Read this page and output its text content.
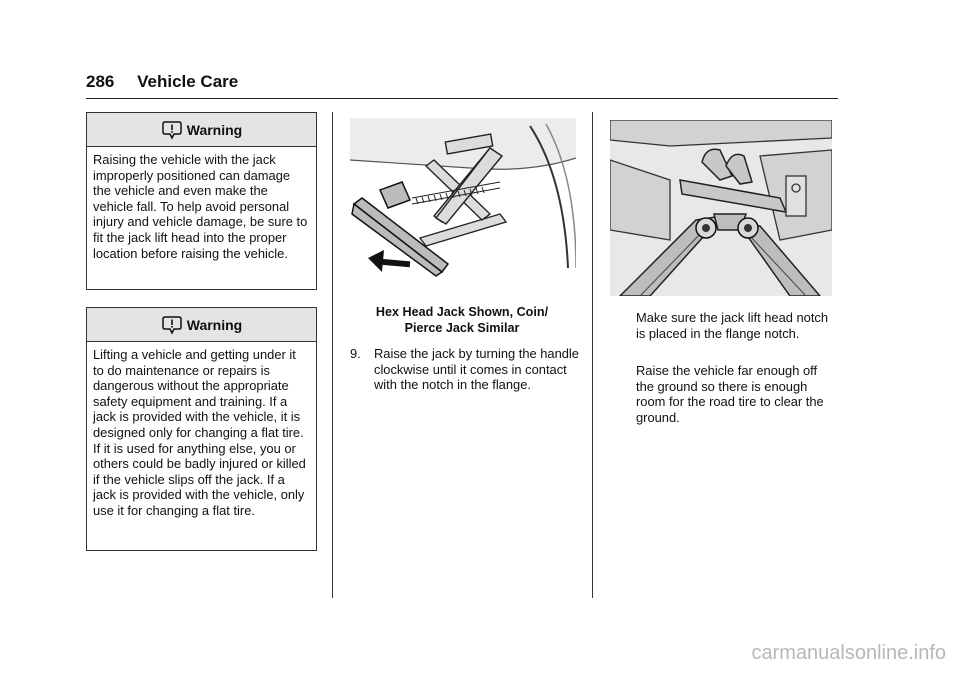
286 Vehicle Care
Warning
Raising the vehicle with the jack improperly positioned can damage the vehicle and even make the vehicle fall. To help avoid personal injury and vehicle damage, be sure to fit the jack lift head into the proper location before raising the vehicle.
Warning
Lifting a vehicle and getting under it to do maintenance or repairs is dangerous without the appropriate safety equipment and training. If a jack is provided with the vehicle, it is designed only for changing a flat tire. If it is used for anything else, you or others could be badly injured or killed if the vehicle slips off the jack. If a jack is provided with the vehicle, only use it for changing a flat tire.
Hex Head Jack Shown, Coin/
Pierce Jack Similar
9. Raise the jack by turning the handle clockwise until it comes in contact with the notch in the flange.
Make sure the jack lift head notch is placed in the flange notch.
Raise the vehicle far enough off the ground so there is enough room for the road tire to clear the ground.
carmanualsonline.info
